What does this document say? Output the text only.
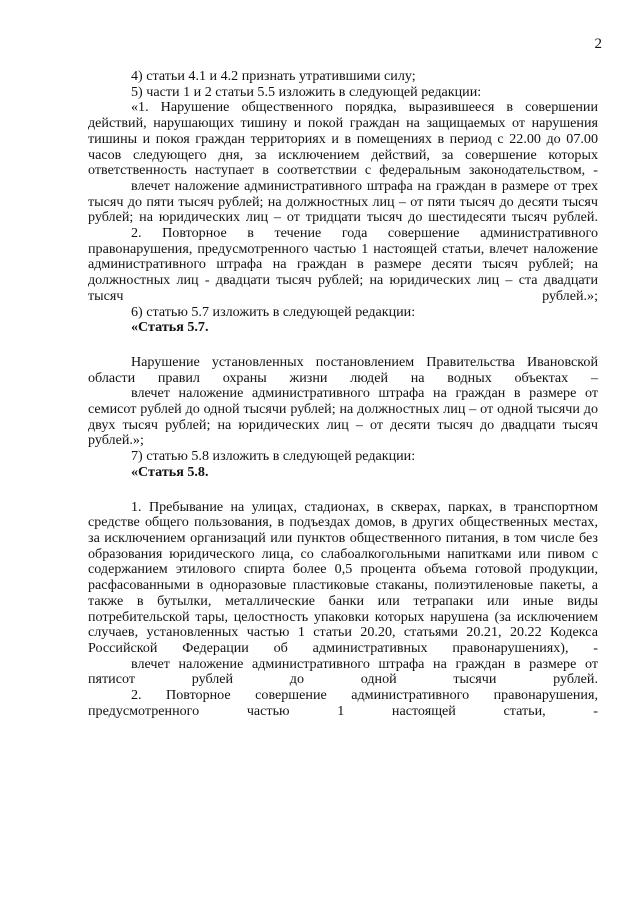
2

4) статьи 4.1 и 4.2 признать утратившими силу;

5) части 1 и 2 статьи 5.5 изложить в следующей редакции:

«1. Нарушение общественного порядка, выразившееся в совершении действий, нарушающих тишину и покой граждан на защищаемых от нарушения тишины и покоя граждан территориях и в помещениях в период с 22.00 до 07.00 часов следующего дня, за исключением действий, за совершение которых ответственность наступает в соответствии с федеральным законодательством, -

влечет наложение административного штрафа на граждан в размере от трех тысяч до пяти тысяч рублей; на должностных лиц – от пяти тысяч до десяти тысяч рублей; на юридических лиц – от тридцати тысяч до шестидесяти тысяч рублей.

2. Повторное в течение года совершение административного правонарушения, предусмотренного частью 1 настоящей статьи, влечет наложение административного штрафа на граждан в размере десяти тысяч рублей; на должностных лиц - двадцати тысяч рублей; на юридических лиц – ста двадцати тысяч рублей.»;

6) статью 5.7 изложить в следующей редакции:

«Статья 5.7.

Нарушение установленных постановлением Правительства Ивановской области правил охраны жизни людей на водных объектах –

влечет наложение административного штрафа на граждан в размере от семисот рублей до одной тысячи рублей; на должностных лиц – от одной тысячи до двух тысяч рублей; на юридических лиц – от десяти тысяч до двадцати тысяч рублей.»;

7) статью 5.8 изложить в следующей редакции:

«Статья 5.8.

1. Пребывание на улицах, стадионах, в скверах, парках, в транспортном средстве общего пользования, в подъездах домов, в других общественных местах, за исключением организаций или пунктов общественного питания, в том числе без образования юридического лица, со слабоалкогольными напитками или пивом с содержанием этилового спирта более 0,5 процента объема готовой продукции, расфасованными в одноразовые пластиковые стаканы, полиэтиленовые пакеты, а также в бутылки, металлические банки или тетрапаки или иные виды потребительской тары, целостность упаковки которых нарушена (за исключением случаев, установленных частью 1 статьи 20.20, статьями 20.21, 20.22 Кодекса Российской Федерации об административных правонарушениях), -

влечет наложение административного штрафа на граждан в размере от пятисот рублей до одной тысячи рублей.

2. Повторное совершение административного правонарушения, предусмотренного частью 1 настоящей статьи, -
